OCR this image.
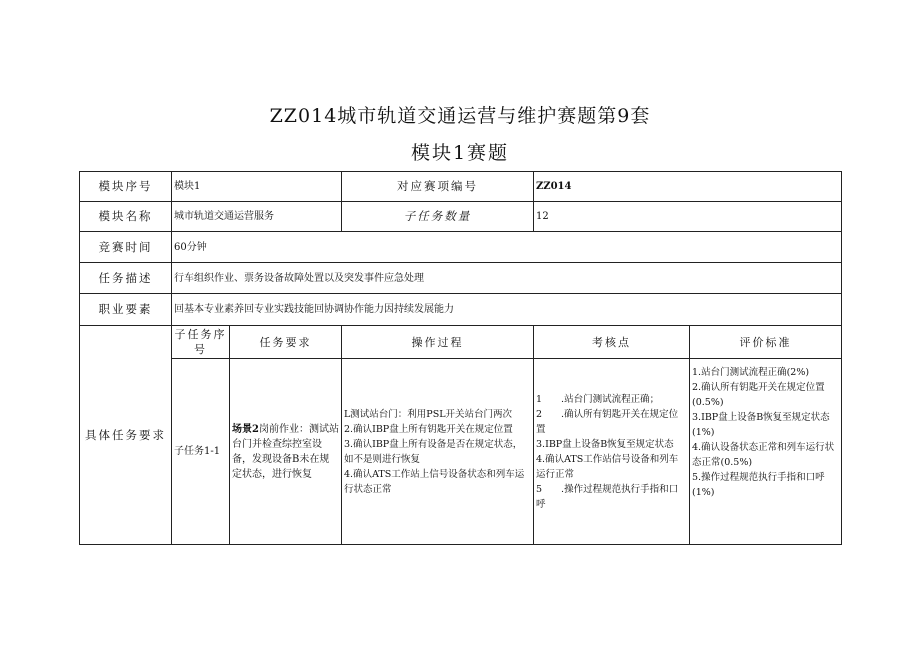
ZZ014城市轨道交通运营与维护赛题第9套
模块1赛题
模块序号	模块1		对应赛项编号	ZZ014	
模块名称	城市轨道交通运营服务		子任务数量	12	
竞赛时间	60分钟				
任务描述	行车组织作业、票务设备故障处置以及突发事件应急处理				
职业要素	回基本专业素养回专业实践技能回协调协作能力因持续发展能力				
具体任务要求	子任务序号	任务要求	操作过程	考核点	评价标准
	子任务1-1	场景2岗前作业：测试站台门并检查综控室设备，发现设备B未在规定状态，进行恢复	L测试站台门：利用PSL开关站台门两次
2.确认IBP盘上所有钥匙开关在规定位置
3.确认IBP盘上所有设备是否在规定状态，如不是则进行恢复
4.确认ATS工作站上信号设备状态和列车运行状态正常	1　　.站台门测试流程正确；
2　　.确认所有钥匙开关在规定位置
3.IBP盘上设备B恢复至规定状态
4.确认ATS工作站信号设备和列车运行正常
5　　.操作过程规范执行手指和口呼	1.站台门测试流程正确(2%)
2.确认所有钥匙开关在规定位置(0.5%)
3.IBP盘上设备B恢复至规定状态(1%)
4.确认设备状态正常和列车运行状态正常(0.5%)
5.操作过程规范执行手指和口呼(1%)
